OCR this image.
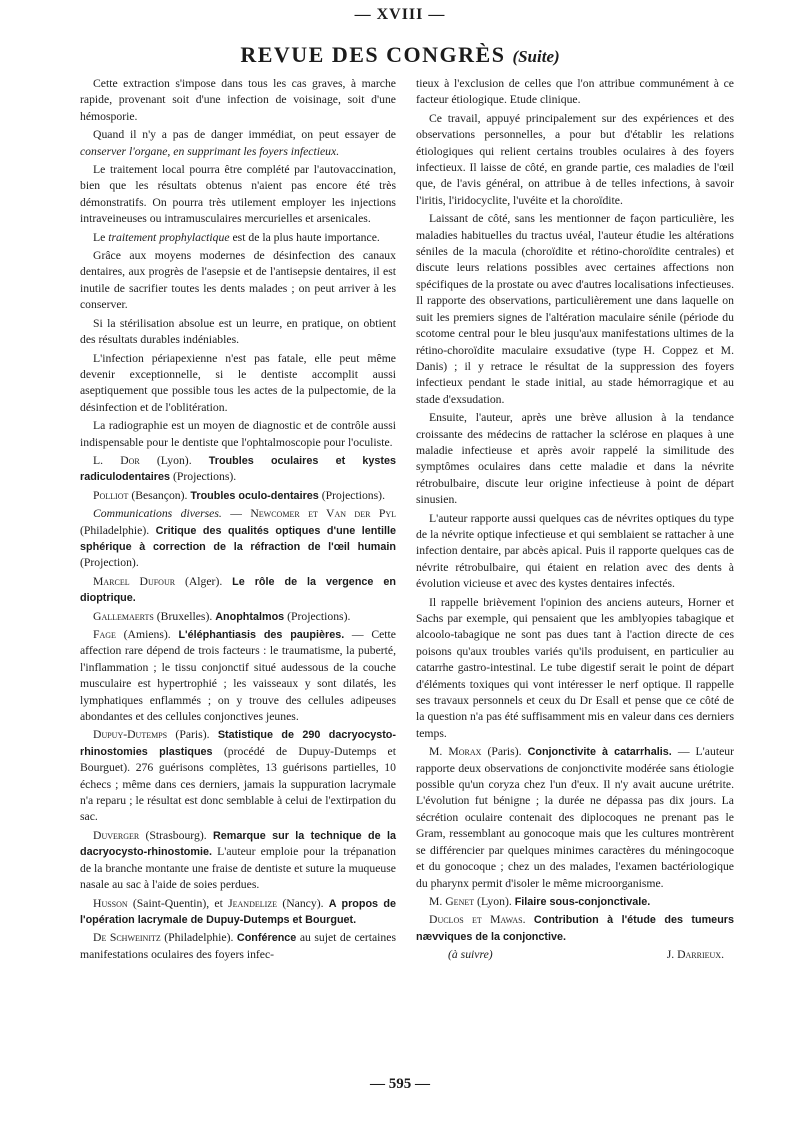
— XVIII —
REVUE DES CONGRÈS (Suite)

Cette extraction s'impose dans tous les cas graves, à marche rapide, provenant soit d'une infection de voisinage, soit d'une hémosporie.

Quand il n'y a pas de danger immédiat, on peut essayer de conserver l'organe, en supprimant les foyers infectieux.

Le traitement local pourra être complété par l'autovaccination, bien que les résultats obtenus n'aient pas encore été très démonstratifs. On pourra très utilement employer les injections intraveineuses ou intramusculaires mercurielles et arsenicales.

Le traitement prophylactique est de la plus haute importance.

Grâce aux moyens modernes de désinfection des canaux dentaires, aux progrès de l'asepsie et de l'antisepsie dentaires, il est inutile de sacrifier toutes les dents malades ; on peut arriver à les conserver.

Si la stérilisation absolue est un leurre, en pratique, on obtient des résultats durables indéniables.

L'infection périapexienne n'est pas fatale, elle peut même devenir exceptionnelle, si le dentiste accomplit aussi aseptiquement que possible tous les actes de la pulpectomie, de la désinfection et de l'oblitération.

La radiographie est un moyen de diagnostic et de contrôle aussi indispensable pour le dentiste que l'ophtalmoscopie pour l'oculiste.

L. Dor (Lyon). Troubles oculaires et kystes radiculodentaires (Projections).

Polliot (Besançon). Troubles oculo-dentaires (Projections).

Communications diverses. — Newcomer et Van der Pyl (Philadelphie). Critique des qualités optiques d'une lentille sphérique à correction de la réfraction de l'œil humain (Projection).

Marcel Dufour (Alger). Le rôle de la vergence en dioptrique.

Gallemaerts (Bruxelles). Anophtalmos (Projections).

Fage (Amiens). L'éléphantiasis des paupières. — Cette affection rare dépend de trois facteurs : le traumatisme, la puberté, l'inflammation ; le tissu conjonctif situé audessous de la couche musculaire est hypertrophié ; les vaisseaux y sont dilatés, les lymphatiques enflammés ; on y trouve des cellules adipeuses abondantes et des cellules conjonctives jeunes.

Dupuy-Dutemps (Paris). Statistique de 290 dacryocysto-rhinostomies plastiques (procédé de Dupuy-Dutemps et Bourguet). 276 guérisons complètes, 13 guérisons partielles, 10 échecs ; même dans ces derniers, jamais la suppuration lacrymale n'a reparu ; le résultat est donc semblable à celui de l'extirpation du sac.

Duverger (Strasbourg). Remarque sur la technique de la dacryocysto-rhinostomie. L'auteur emploie pour la trépanation de la branche montante une fraise de dentiste et suture la muqueuse nasale au sac à l'aide de soies perdues.

Husson (Saint-Quentin), et Jeandelize (Nancy). A propos de l'opération lacrymale de Dupuy-Dutemps et Bourguet.

De Schweinitz (Philadelphie). Conférence au sujet de certaines manifestations oculaires des foyers infec-

tieux à l'exclusion de celles que l'on attribue communément à ce facteur étiologique. Etude clinique.

Ce travail, appuyé principalement sur des expériences et des observations personnelles, a pour but d'établir les relations étiologiques qui relient certains troubles oculaires à des foyers infectieux. Il laisse de côté, en grande partie, ces maladies de l'œil que, de l'avis général, on attribue à de telles infections, à savoir l'iritis, l'iridocyclite, l'uvéite et la choroïdite.

Laissant de côté, sans les mentionner de façon particulière, les maladies habituelles du tractus uvéal, l'auteur étudie les altérations séniles de la macula (choroïdite et rétino-choroïdite centrales) et discute leurs relations possibles avec certaines affections non spécifiques de la prostate ou avec d'autres localisations infectieuses. Il rapporte des observations, particulièrement une dans laquelle on suit les premiers signes de l'altération maculaire sénile (période du scotome central pour le bleu jusqu'aux manifestations ultimes de la rétino-choroïdite maculaire exsudative (type H. Coppez et M. Danis) ; il y retrace le résultat de la suppression des foyers infectieux pendant le stade initial, au stade hémorragique et au stade d'exsudation.

Ensuite, l'auteur, après une brève allusion à la tendance croissante des médecins de rattacher la sclérose en plaques à une maladie infectieuse et après avoir rappelé la similitude des symptômes oculaires dans cette maladie et dans la névrite rétrobulbaire, discute leur origine infectieuse à point de départ sinusien.

L'auteur rapporte aussi quelques cas de névrites optiques du type de la névrite optique infectieuse et qui semblaient se rattacher à une infection dentaire, par abcès apical. Puis il rapporte quelques cas de névrite rétrobulbaire, qui étaient en relation avec des dents à évolution vicieuse et avec des kystes dentaires infectés.

Il rappelle brièvement l'opinion des anciens auteurs, Horner et Sachs par exemple, qui pensaient que les amblyopies tabagique et alcoolo-tabagique ne sont pas dues tant à l'action directe de ces poisons qu'aux troubles variés qu'ils produisent, en particulier au catarrhe gastro-intestinal. Le tube digestif serait le point de départ d'éléments toxiques qui vont intéresser le nerf optique. Il rappelle ses travaux personnels et ceux du Dr Esall et pense que ce côté de la question n'a pas été suffisamment mis en valeur dans ces derniers temps.

M. Morax (Paris). Conjonctivite à catarrhalis. — L'auteur rapporte deux observations de conjonctivite modérée sans étiologie possible qu'un coryza chez l'un d'eux. Il n'y avait aucune urétrite. L'évolution fut bénigne ; la durée ne dépassa pas dix jours. La sécrétion oculaire contenait des diplocoques ne prenant pas le Gram, ressemblant au gonocoque mais que les cultures montrèrent se différencier par quelques minimes caractères du méningocoque et du gonocoque ; chez un des malades, l'examen bactériologique du pharynx permit d'isoler le même microorganisme.

M. Genet (Lyon). Filaire sous-conjonctivale.

Duclos et Mawas. Contribution à l'étude des tumeurs nævviques de la conjonctive.

(à suivre)	J. Darrieux.
— 595 —
